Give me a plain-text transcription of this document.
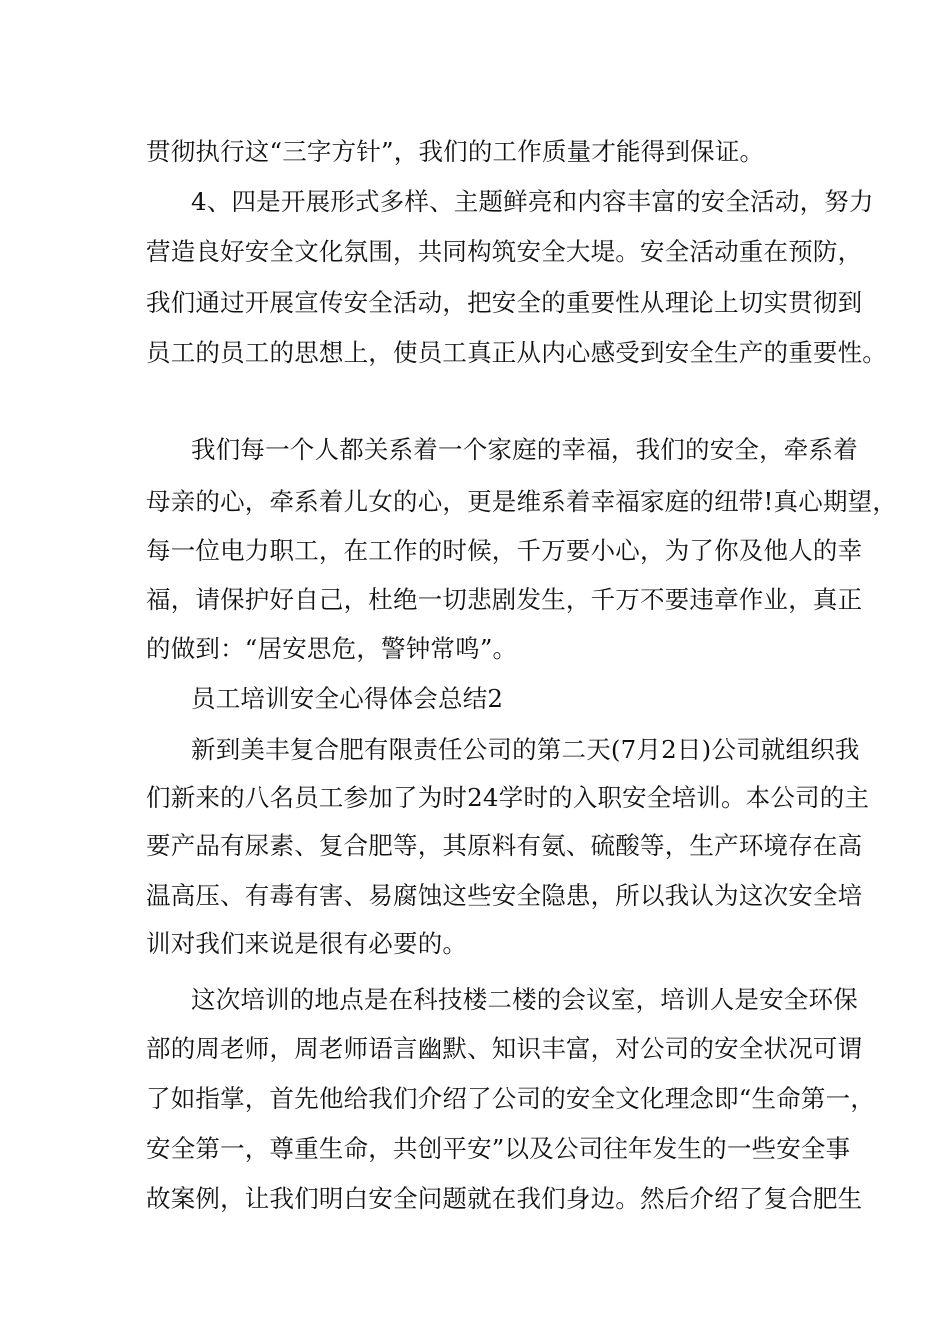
贯彻执行这“三字方针”，我们的工作质量才能得到保证。
4、四是开展形式多样、主题鲜亮和内容丰富的安全活动，努力
营造良好安全文化氛围，共同构筑安全大堤。安全活动重在预防，
我们通过开展宣传安全活动，把安全的重要性从理论上切实贯彻到
员工的员工的思想上，使员工真正从内心感受到安全生产的重要性。
我们每一个人都关系着一个家庭的幸福，我们的安全，牵系着
母亲的心，牵系着儿女的心，更是维系着幸福家庭的纽带!真心期望，
每一位电力职工，在工作的时候，千万要小心，为了你及他人的幸
福，请保护好自己，杜绝一切悲剧发生，千万不要违章作业，真正
的做到：“居安思危，警钟常鸣”。
员工培训安全心得体会总结2
新到美丰复合肥有限责任公司的第二天(7月2日)公司就组织我
们新来的八名员工参加了为时24学时的入职安全培训。本公司的主
要产品有尿素、复合肥等，其原料有氨、硫酸等，生产环境存在高
温高压、有毒有害、易腐蚀这些安全隐患，所以我认为这次安全培
训对我们来说是很有必要的。
这次培训的地点是在科技楼二楼的会议室，培训人是安全环保
部的周老师，周老师语言幽默、知识丰富，对公司的安全状况可谓
了如指掌，首先他给我们介绍了公司的安全文化理念即“生命第一，
安全第一，尊重生命，共创平安”以及公司往年发生的一些安全事
故案例，让我们明白安全问题就在我们身边。然后介绍了复合肥生
